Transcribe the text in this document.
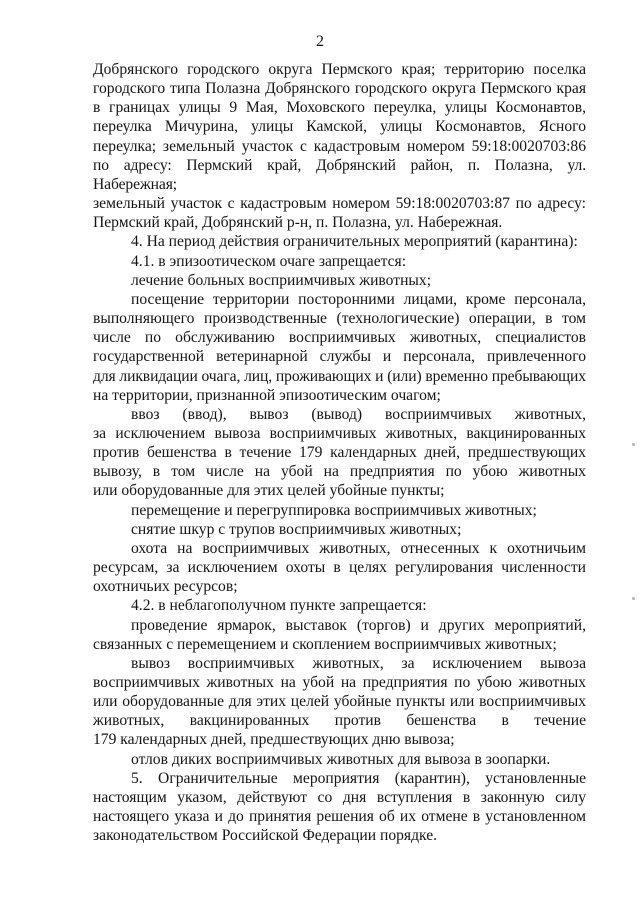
2
Добрянского городского округа Пермского края; территорию поселка
городского типа Полазна Добрянского городского округа Пермского края
в границах улицы 9 Мая, Моховского переулка, улицы Космонавтов,
переулка Мичурина, улицы Камской, улицы Космонавтов, Ясного
переулка; земельный участок с кадастровым номером 59:18:0020703:86
по адресу: Пермский край, Добрянский район, п. Полазна, ул. Набережная;
земельный участок с кадастровым номером 59:18:0020703:87 по адресу:
Пермский край, Добрянский р-н, п. Полазна, ул. Набережная.
4. На период действия ограничительных мероприятий (карантина):
4.1. в эпизоотическом очаге запрещается:
лечение больных восприимчивых животных;
посещение территории посторонними лицами, кроме персонала,
выполняющего производственные (технологические) операции, в том
числе по обслуживанию восприимчивых животных, специалистов
государственной ветеринарной службы и персонала, привлеченного
для ликвидации очага, лиц, проживающих и (или) временно пребывающих
на территории, признанной эпизоотическим очагом;
ввоз (ввод), вывоз (вывод) восприимчивых животных,
за исключением вывоза восприимчивых животных, вакцинированных
против бешенства в течение 179 календарных дней, предшествующих
вывозу, в том числе на убой на предприятия по убою животных
или оборудованные для этих целей убойные пункты;
перемещение и перегруппировка восприимчивых животных;
снятие шкур с трупов восприимчивых животных;
охота на восприимчивых животных, отнесенных к охотничьим
ресурсам, за исключением охоты в целях регулирования численности
охотничьих ресурсов;
4.2. в неблагополучном пункте запрещается:
проведение ярмарок, выставок (торгов) и других мероприятий,
связанных с перемещением и скоплением восприимчивых животных;
вывоз восприимчивых животных, за исключением вывоза
восприимчивых животных на убой на предприятия по убою животных
или оборудованные для этих целей убойные пункты или восприимчивых
животных, вакцинированных против бешенства в течение
179 календарных дней, предшествующих дню вывоза;
отлов диких восприимчивых животных для вывоза в зоопарки.
5. Ограничительные мероприятия (карантин), установленные
настоящим указом, действуют со дня вступления в законную силу
настоящего указа и до принятия решения об их отмене в установленном
законодательством Российской Федерации порядке.
